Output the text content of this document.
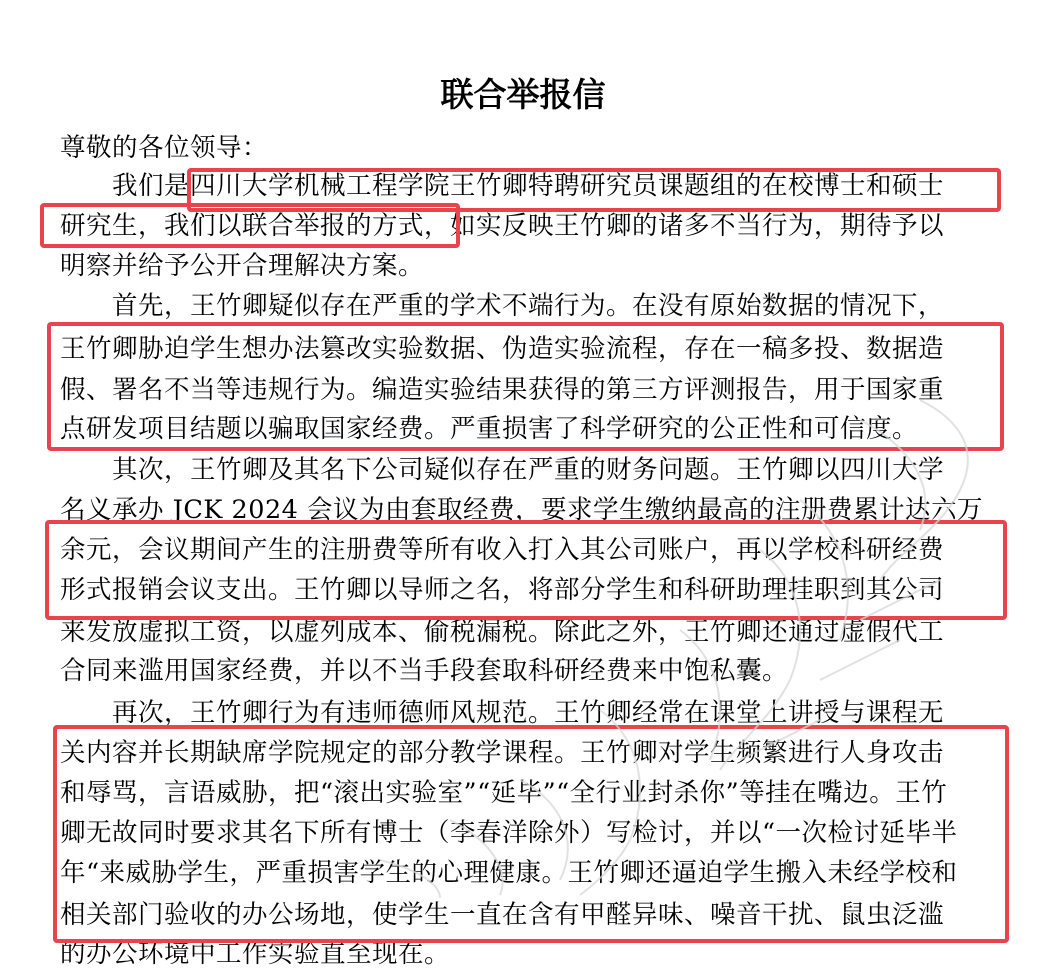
联合举报信
尊敬的各位领导：
　　我们是四川大学机械工程学院王竹卿特聘研究员课题组的在校博士和硕士
研究生，我们以联合举报的方式，如实反映王竹卿的诸多不当行为，期待予以
明察并给予公开合理解决方案。
　　首先，王竹卿疑似存在严重的学术不端行为。在没有原始数据的情况下，
王竹卿胁迫学生想办法篡改实验数据、伪造实验流程，存在一稿多投、数据造
假、署名不当等违规行为。编造实验结果获得的第三方评测报告，用于国家重
点研发项目结题以骗取国家经费。严重损害了科学研究的公正性和可信度。
　　其次，王竹卿及其名下公司疑似存在严重的财务问题。王竹卿以四川大学
名义承办 JCK 2024 会议为由套取经费，要求学生缴纳最高的注册费累计达六万
余元，会议期间产生的注册费等所有收入打入其公司账户，再以学校科研经费
形式报销会议支出。王竹卿以导师之名，将部分学生和科研助理挂职到其公司
来发放虚拟工资，以虚列成本、偷税漏税。除此之外，王竹卿还通过虚假代工
合同来滥用国家经费，并以不当手段套取科研经费来中饱私囊。
　　再次，王竹卿行为有违师德师风规范。王竹卿经常在课堂上讲授与课程无
关内容并长期缺席学院规定的部分教学课程。王竹卿对学生频繁进行人身攻击
和辱骂，言语威胁，把“滚出实验室”“延毕”“全行业封杀你”等挂在嘴边。王竹
卿无故同时要求其名下所有博士（李春洋除外）写检讨，并以“一次检讨延毕半
年“来威胁学生，严重损害学生的心理健康。王竹卿还逼迫学生搬入未经学校和
相关部门验收的办公场地，使学生一直在含有甲醛异味、噪音干扰、鼠虫泛滥
的办公环境中工作实验直至现在。
